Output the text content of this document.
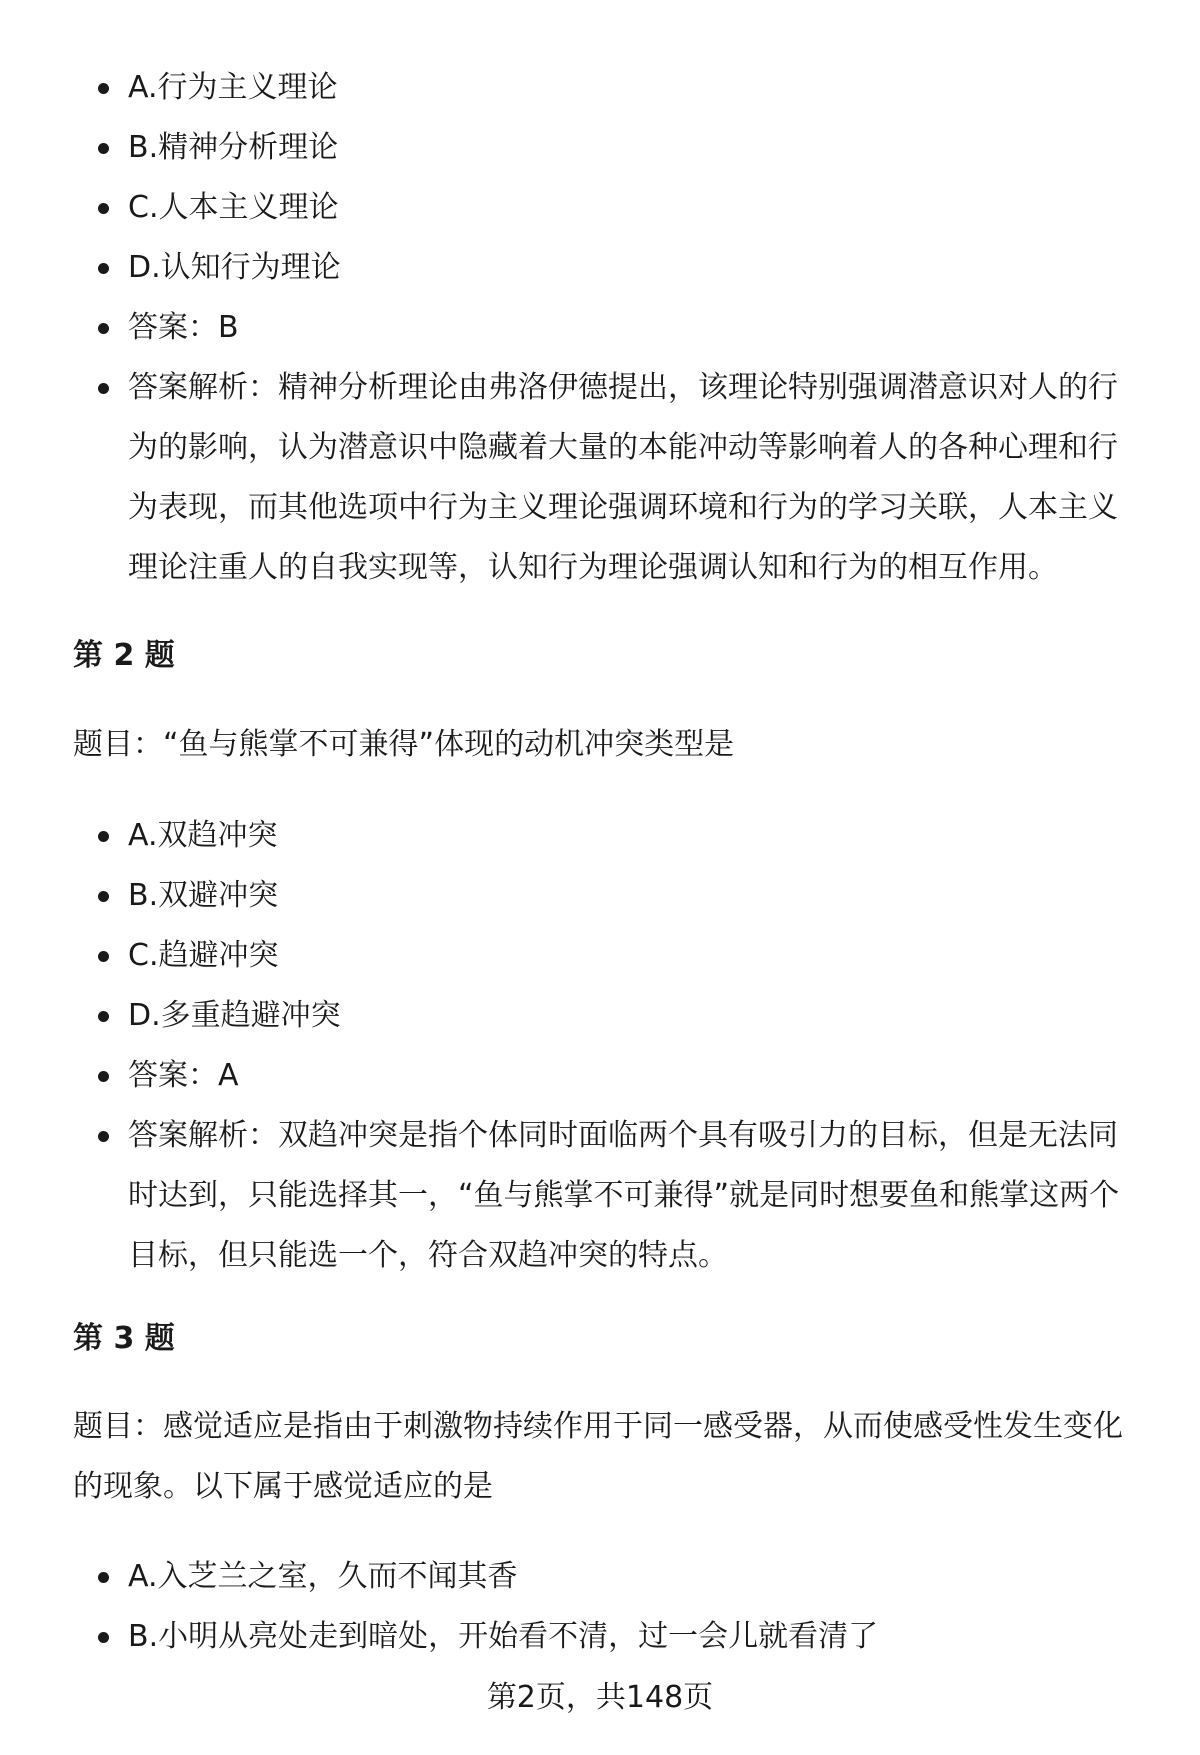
A.行为主义理论
B.精神分析理论
C.人本主义理论
D.认知行为理论
答案：B
答案解析：精神分析理论由弗洛伊德提出，该理论特别强调潜意识对人的行为的影响，认为潜意识中隐藏着大量的本能冲动等影响着人的各种心理和行为表现，而其他选项中行为主义理论强调环境和行为的学习关联，人本主义理论注重人的自我实现等，认知行为理论强调认知和行为的相互作用。
第 2 题
题目：“鱼与熊掌不可兼得”体现的动机冲突类型是
A.双趋冲突
B.双避冲突
C.趋避冲突
D.多重趋避冲突
答案：A
答案解析：双趋冲突是指个体同时面临两个具有吸引力的目标，但是无法同时达到，只能选择其一，“鱼与熊掌不可兼得”就是同时想要鱼和熊掌这两个目标，但只能选一个，符合双趋冲突的特点。
第 3 题
题目：感觉适应是指由于刺激物持续作用于同一感受器，从而使感受性发生变化的现象。以下属于感觉适应的是
A.入芝兰之室，久而不闻其香
B.小明从亮处走到暗处，开始看不清，过一会儿就看清了
第2页，共148页
